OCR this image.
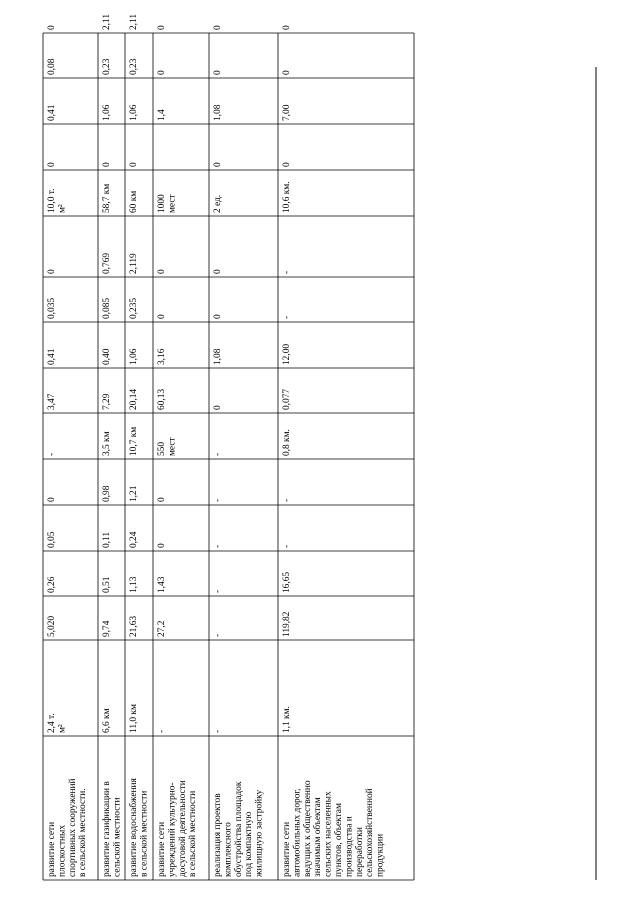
развитие сетиплоскостныхспортивных сооруженийв сельской местности.
2,4 т.м²
5,020
0,26
0,05
0
-
3,47
0,41
0,035
0
10,0 т.м²
0
0,41
0,08
0
развитие газификации всельской местности
6,6 км
9,74
0,51
0,11
0,98
3,5 км
7,29
0,40
0,085
0,769
58,7 км
0
1,06
0,23
2,11
развитие водоснабженияв сельской местности
11,0 км
21,63
1,13
0,24
1,21
10,7 км
20,14
1,06
0,235
2,119
60 км
0
1,06
0,23
2,11
развитие сетиучреждений культурно-досуговой деятельностив сельской местности
-
27,2
1,43
0
0
550мест
60,13
3,16
0
0
1000мест
1,4
0
0
реализация проектовкомплексногообустройства площадокпод компактнуюжилищную застройку
-
-
-
-
-
-
0
1,08
0
0
2 ед.
0
1,08
0
0
развитие сетиавтомобильных дорог,ведущих к общественнозначимым объектамсельских населенныхпунктов, объектампроизводства ипереработкисельскохозяйственнойпродукции
1,1 км.
119,82
16,65
-
-
0,8 км.
0,077
12,00
-
-
10,6 км.
0
7,00
0
0
